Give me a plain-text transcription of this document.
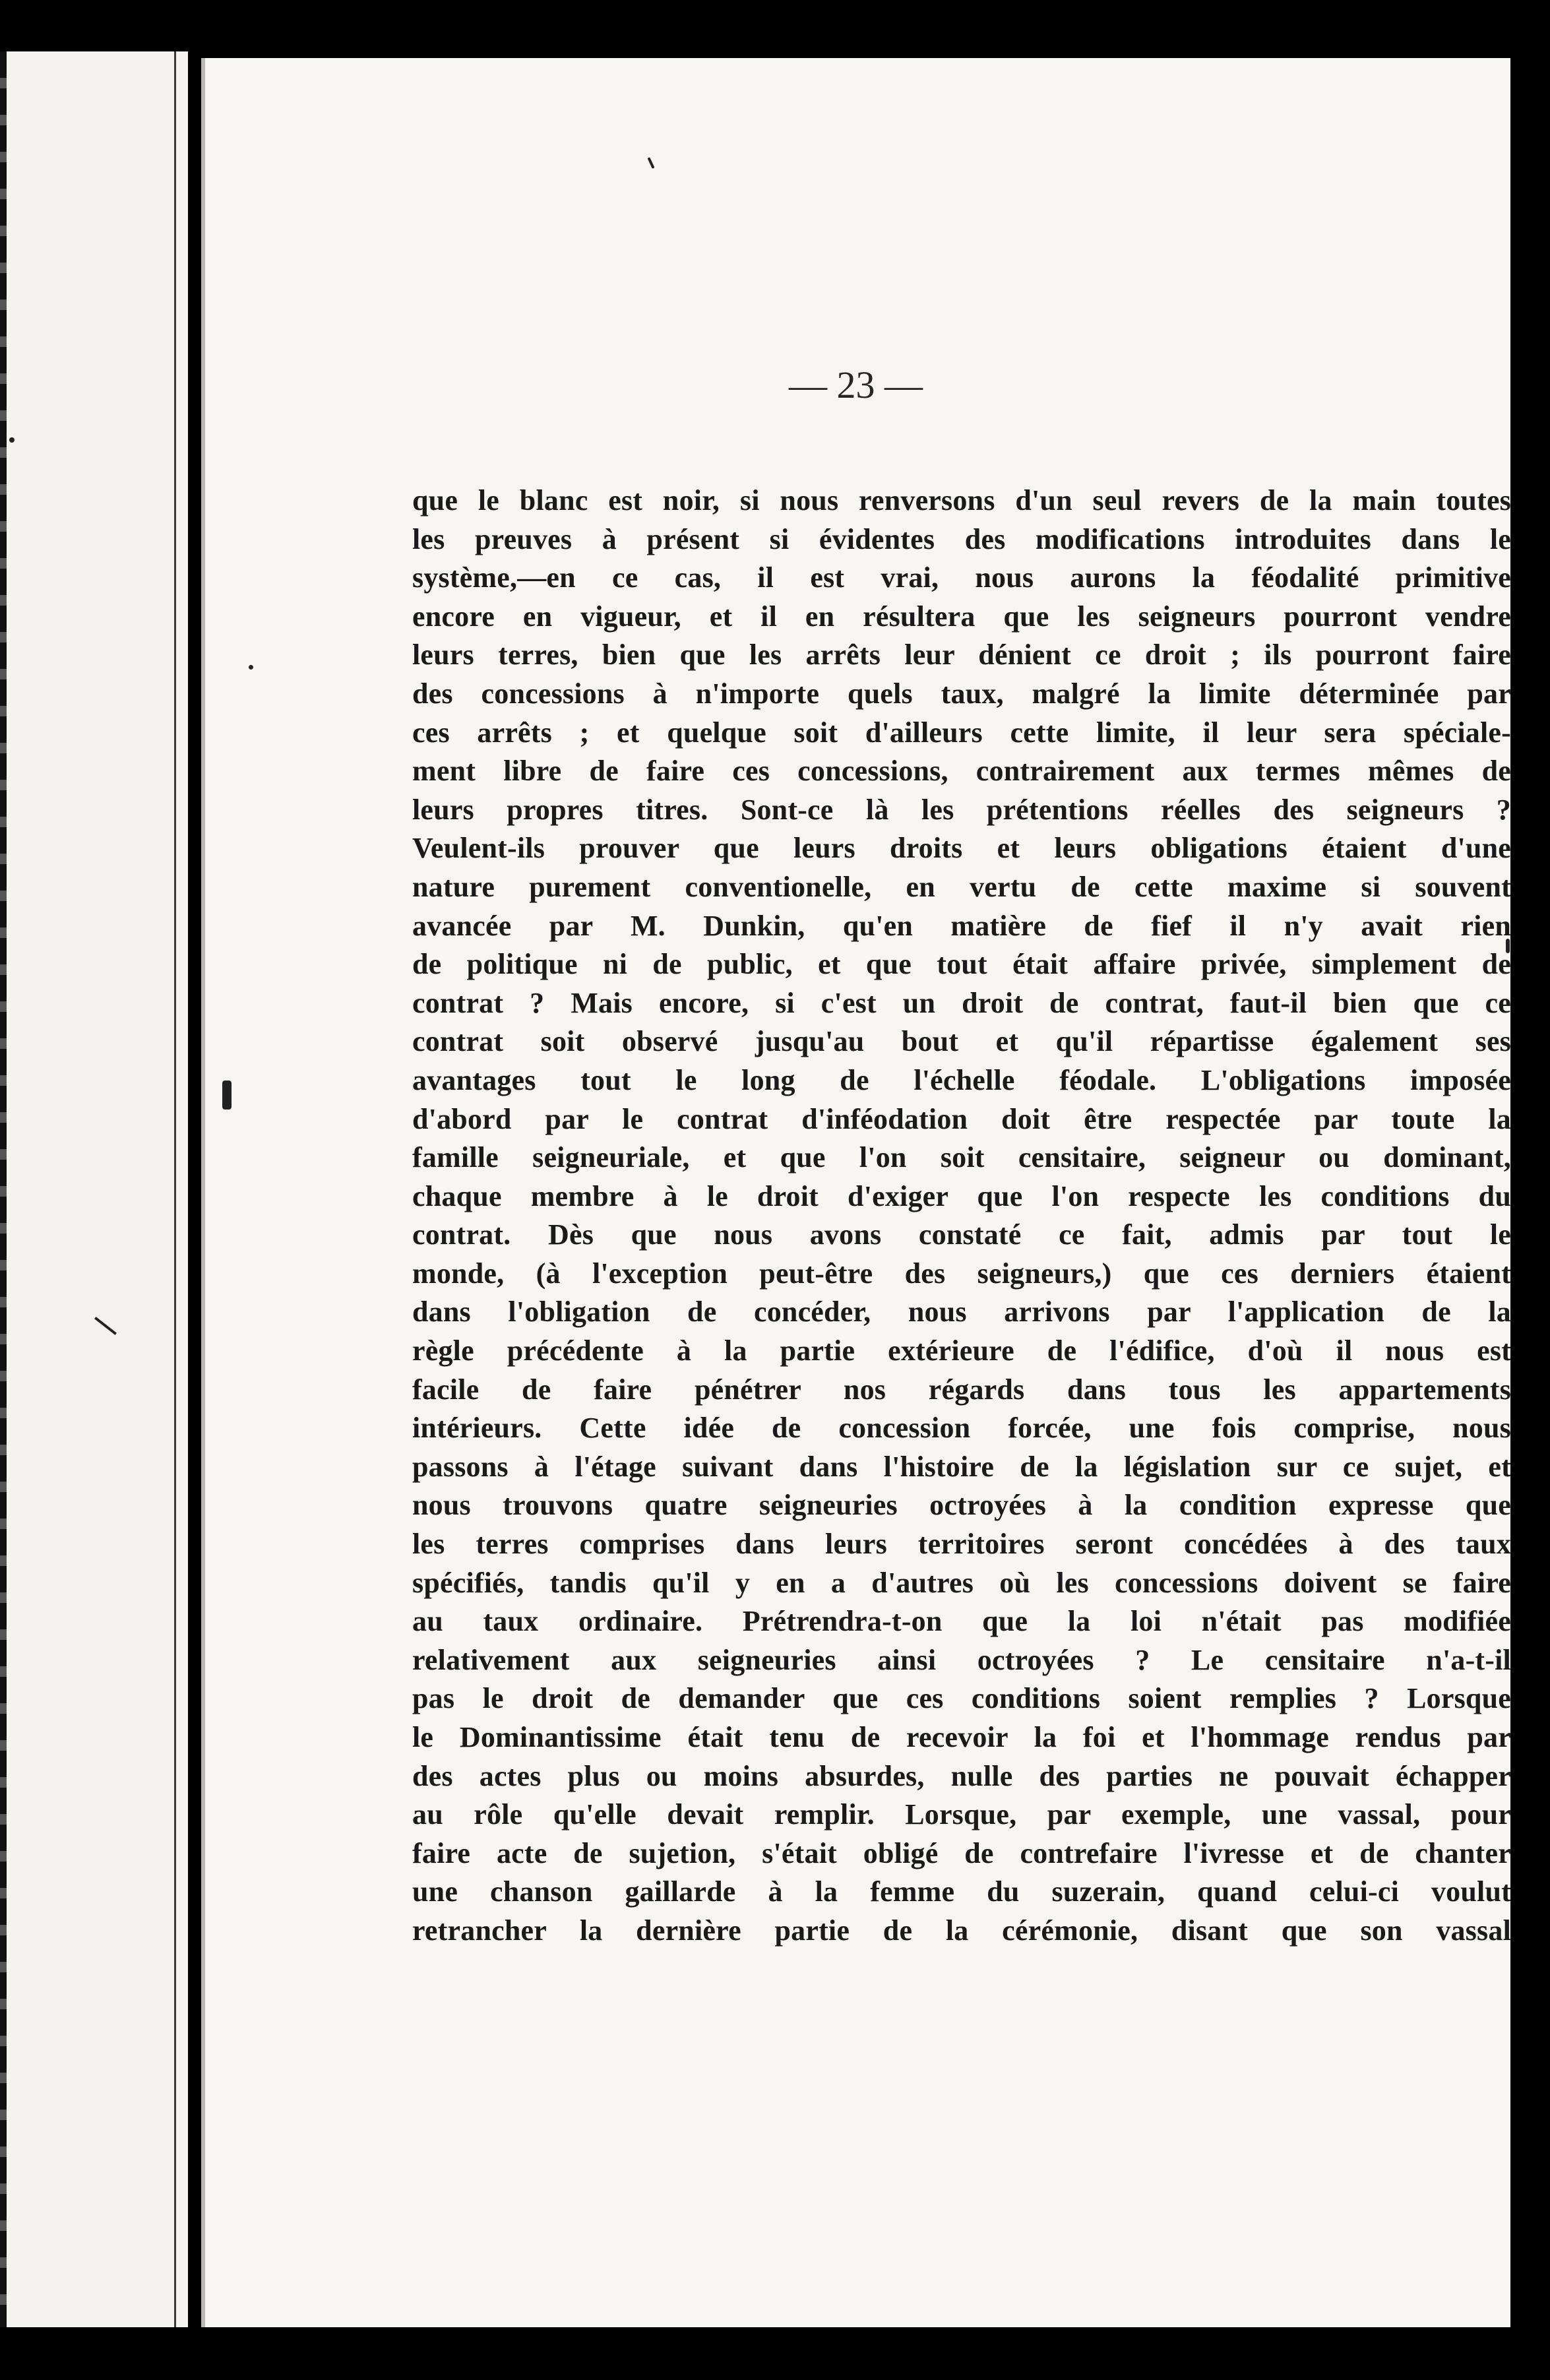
— 23 —

que le blanc est noir, si nous renversons d'un seul revers de la main toutes
les preuves à présent si évidentes des modifications introduites dans le
système,—en ce cas, il est vrai, nous aurons la féodalité primitive
encore en vigueur, et il en résultera que les seigneurs pourront vendre
leurs terres, bien que les arrêts leur dénient ce droit ; ils pourront faire
des concessions à n'importe quels taux, malgré la limite déterminée par
ces arrêts ; et quelque soit d'ailleurs cette limite, il leur sera spéciale-
ment libre de faire ces concessions, contrairement aux termes mêmes de
leurs propres titres. Sont-ce là les prétentions réelles des seigneurs ?
Veulent-ils prouver que leurs droits et leurs obligations étaient d'une
nature purement conventionelle, en vertu de cette maxime si souvent
avancée par M. Dunkin, qu'en matière de fief il n'y avait rien
de politique ni de public, et que tout était affaire privée, simplement de
contrat ? Mais encore, si c'est un droit de contrat, faut-il bien que ce
contrat soit observé jusqu'au bout et qu'il répartisse également ses
avantages tout le long de l'échelle féodale. L'obligations imposée
d'abord par le contrat d'inféodation doit être respectée par toute la
famille seigneuriale, et que l'on soit censitaire, seigneur ou dominant,
chaque membre à le droit d'exiger que l'on respecte les conditions du
contrat. Dès que nous avons constaté ce fait, admis par tout le
monde, (à l'exception peut-être des seigneurs,) que ces derniers étaient
dans l'obligation de concéder, nous arrivons par l'application de la
règle précédente à la partie extérieure de l'édifice, d'où il nous est
facile de faire pénétrer nos régards dans tous les appartements
intérieurs. Cette idée de concession forcée, une fois comprise, nous
passons à l'étage suivant dans l'histoire de la législation sur ce sujet, et
nous trouvons quatre seigneuries octroyées à la condition expresse que
les terres comprises dans leurs territoires seront concédées à des taux
spécifiés, tandis qu'il y en a d'autres où les concessions doivent se faire
au taux ordinaire. Prétrendra-t-on que la loi n'était pas modifiée
relativement aux seigneuries ainsi octroyées ? Le censitaire n'a-t-il
pas le droit de demander que ces conditions soient remplies ? Lorsque
le Dominantissime était tenu de recevoir la foi et l'hommage rendus par
des actes plus ou moins absurdes, nulle des parties ne pouvait échapper
au rôle qu'elle devait remplir. Lorsque, par exemple, une vassal, pour
faire acte de sujetion, s'était obligé de contrefaire l'ivresse et de chanter
une chanson gaillarde à la femme du suzerain, quand celui-ci voulut
retrancher la dernière partie de la cérémonie, disant que son vassal
